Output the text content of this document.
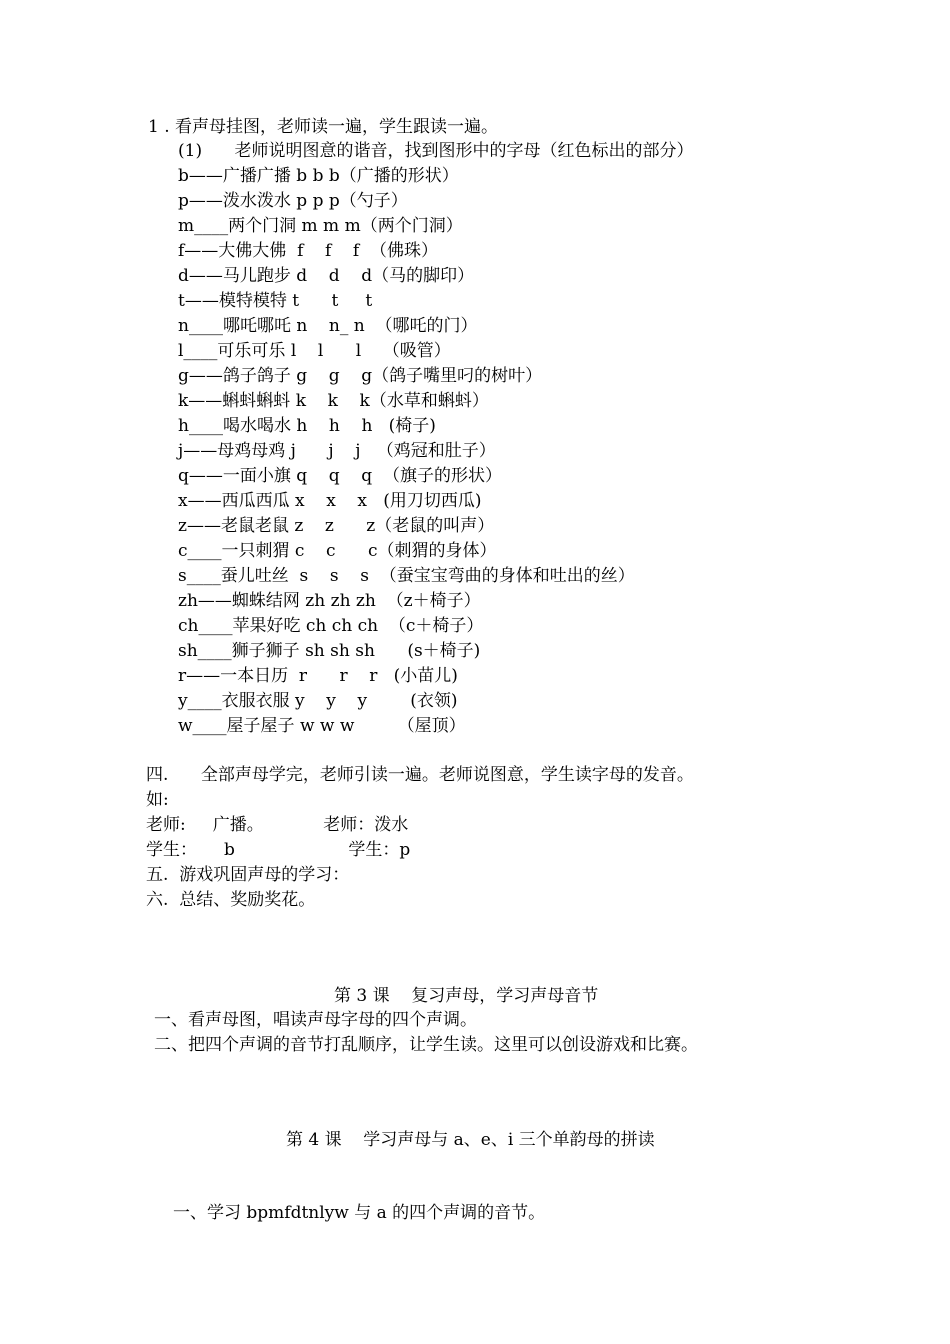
1 . 看声母挂图，老师读一遍，学生跟读一遍。
(1)      老师说明图意的谐音，找到图形中的字母（红色标出的部分）
b——广播广播 b b b（广播的形状）
p——泼水泼水 p p p（勺子）
m____两个门洞 m m m（两个门洞）
f——大佛大佛  f    f    f  （佛珠）
d——马儿跑步 d    d    d（马的脚印）
t——模特模特 t      t     t
n____哪吒哪吒 n    n_ n  （哪吒的门）
l____可乐可乐 l    l      l    （吸管）
g——鸽子鸽子 g    g    g（鸽子嘴里叼的树叶）
k——蝌蚪蝌蚪 k    k    k（水草和蝌蚪）
h____喝水喝水 h    h    h   (椅子)
j——母鸡母鸡 j      j    j   （鸡冠和肚子）
q——一面小旗 q    q    q  （旗子的形状）
x——西瓜西瓜 x    x    x   (用刀切西瓜)
z——老鼠老鼠 z    z      z（老鼠的叫声）
c____一只刺猬 c    c      c（刺猬的身体）
s____蚕儿吐丝  s    s    s  （蚕宝宝弯曲的身体和吐出的丝）
zh——蜘蛛结网 zh zh zh  （z＋椅子）
ch____苹果好吃 ch ch ch  （c＋椅子）
sh____狮子狮子 sh sh sh      (s＋椅子)
r——一本日历  r      r    r   (小苗儿)
y____衣服衣服 y    y    y        (衣领)
w____屋子屋子 w w w        （屋顶）
四.      全部声母学完，老师引读一遍。老师说图意，学生读字母的发音。
如:
老师:     广播。           老师：泼水
学生：     b                     学生：p
五.  游戏巩固声母的学习：
六.  总结、奖励奖花。
第 3 课    复习声母，学习声母音节
一、看声母图，唱读声母字母的四个声调。
二、把四个声调的音节打乱顺序，让学生读。这里可以创设游戏和比赛。
第 4 课    学习声母与 a、e、i 三个单韵母的拼读
一、学习 bpmfdtnlyw 与 a 的四个声调的音节。
